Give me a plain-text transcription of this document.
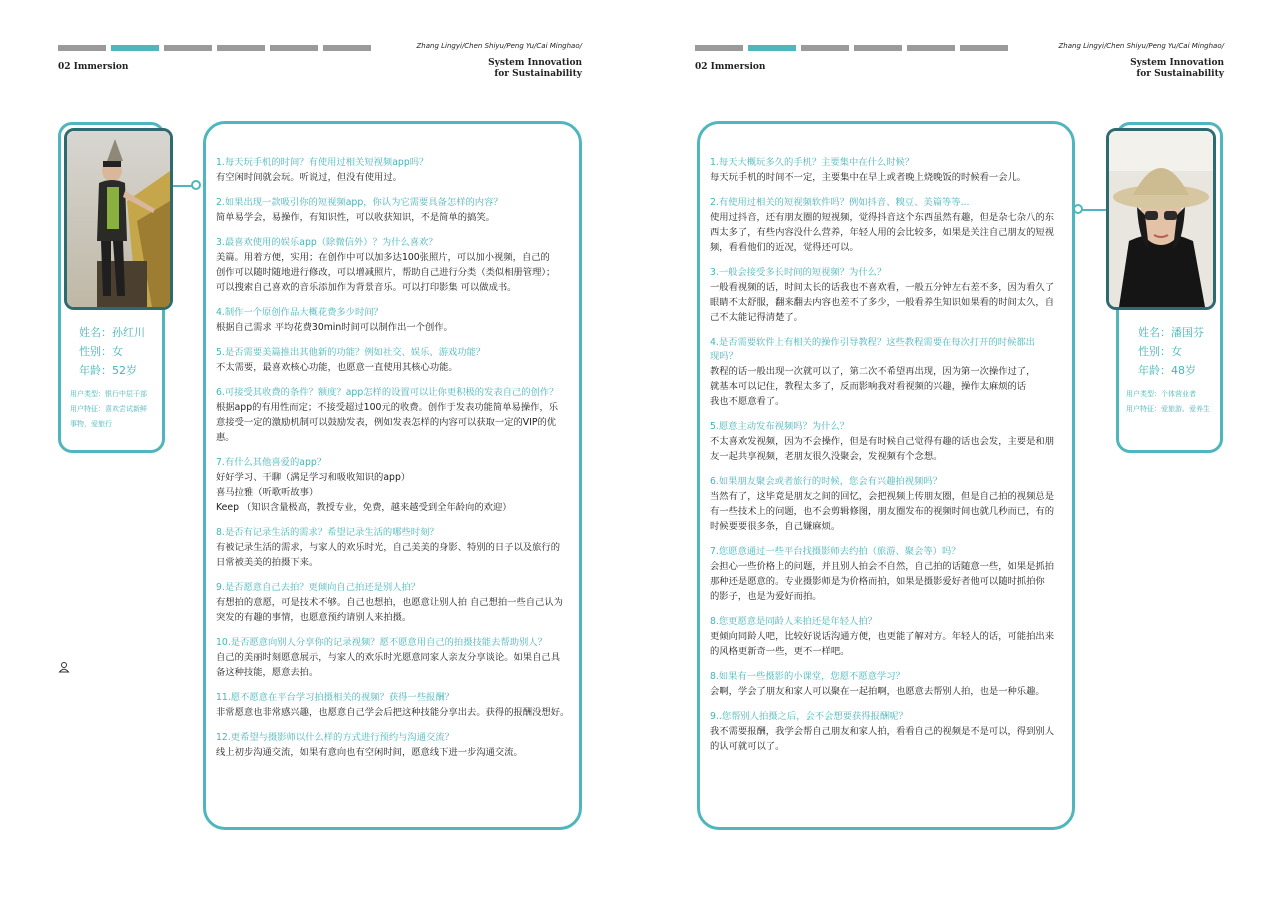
02 Immersion
Zhang Lingyi/Chen Shiyu/Peng Yu/Cai Minghao/
System Innovation
for Sustainability
姓名：孙红川
性别：女
年龄：52岁
用户类型：银行中层干部
用户特征：喜欢尝试新鲜
事物，爱旅行
1.每天玩手机的时间？有使用过相关短视频app吗？
有空闲时间就会玩。听说过，但没有使用过。
2.如果出现一款吸引你的短视频app，你认为它需要具备怎样的内容？
简单易学会，易操作，有知识性，可以收获知识，不是简单的搞笑。
3.最喜欢使用的娱乐app（除微信外）？为什么喜欢？
美篇。用着方便，实用；在创作中可以加多达100张照片，可以加小视频，自己的
创作可以随时随地进行修改，可以增减照片，帮助自己进行分类（类似相册管理）；
可以搜索自己喜欢的音乐添加作为背景音乐。可以打印影集 可以做成书。
4.制作一个原创作品大概花费多少时间？
根据自己需求 平均花费30min时间可以制作出一个创作。
5.是否需要美篇推出其他新的功能？例如社交、娱乐、游戏功能？
不太需要，最喜欢核心功能，也愿意一直使用其核心功能。
6.可接受其收费的条件？额度？app怎样的设置可以让你更积极的发表自己的创作？
根据app的有用性而定；不接受超过100元的收费。创作于发表功能简单易操作，乐
意接受一定的激励机制可以鼓励发表，例如发表怎样的内容可以获取一定的VIP的优
惠。
7.有什么其他喜爱的app？
好好学习、干聊（满足学习和吸收知识的app）
喜马拉雅（听歌听故事）
Keep （知识含量极高，教授专业，免费，越来越受到全年龄向的欢迎）
8.是否有记录生活的需求？希望记录生活的哪些时刻？
有被记录生活的需求，与家人的欢乐时光，自己美美的身影、特别的日子以及旅行的
日常被美美的拍摄下来。
9.是否愿意自己去拍？更倾向自己拍还是别人拍？
有想拍的意愿，可是技术不够。自己也想拍，也愿意让别人拍 自己想拍一些自己认为
突发的有趣的事情，也愿意预约请别人来拍摄。
10.是否愿意向别人分享你的记录视频？愿不愿意用自己的拍摄技能去帮助别人？
自己的美丽时刻愿意展示，与家人的欢乐时光愿意同家人亲友分享谈论。如果自己具
备这种技能，愿意去拍。
11.愿不愿意在平台学习拍摄相关的视频？获得一些报酬？
非常愿意也非常感兴趣，也愿意自己学会后把这种技能分享出去。获得的报酬没想好。
12.更希望与摄影师以什么样的方式进行预约与沟通交流？
线上初步沟通交流，如果有意向也有空闲时间，愿意线下进一步沟通交流。
02 Immersion
Zhang Lingyi/Chen Shiyu/Peng Yu/Cai Minghao/
System Innovation
for Sustainability
1.每天大概玩多久的手机？主要集中在什么时候？
每天玩手机的时间不一定，主要集中在早上或者晚上烧晚饭的时候看一会儿。
2.有使用过相关的短视频软件吗？例如抖音、糗豆、美篇等等...
使用过抖音，还有朋友圈的短视频，觉得抖音这个东西虽然有趣，但是杂七杂八的东
西太多了，有些内容没什么营养，年轻人用的会比较多，如果是关注自己朋友的短视
频，看看他们的近况，觉得还可以。
3.一般会接受多长时间的短视频？为什么？
一般看视频的话，时间太长的话我也不喜欢看，一般五分钟左右差不多，因为看久了
眼睛不太舒服，翻来翻去内容也差不了多少，一般看养生知识如果看的时间太久，自
己不太能记得清楚了。
4.是否需要软件上有相关的操作引导教程？这些教程需要在每次打开的时候都出
现吗？
教程的话一般出现一次就可以了，第二次不希望再出现，因为第一次操作过了，
就基本可以记住，教程太多了，反而影响我对看视频的兴趣，操作太麻烦的话
我也不愿意看了。
5.愿意主动发布视频吗？为什么？
不太喜欢发视频，因为不会操作，但是有时候自己觉得有趣的话也会发，主要是和朋
友一起共享视频，老朋友很久没聚会，发视频有个念想。
6.如果朋友聚会或者旅行的时候，您会有兴趣拍视频吗？
当然有了，这毕竟是朋友之间的回忆，会把视频上传朋友圈，但是自己拍的视频总是
有一些技术上的问题，也不会剪辑修图，朋友圈发布的视频时间也就几秒而已，有的
时候要要很多条，自己嫌麻烦。
7.您愿意通过一些平台找摄影师去约拍（旅游、聚会等）吗？
会担心一些价格上的问题，并且别人拍会不自然，自己拍的话随意一些，如果是抓拍
那种还是愿意的。专业摄影师是为价格而拍，如果是摄影爱好者他可以随时抓拍你
的影子，也是为爱好而拍。
8.您更愿意是同龄人来拍还是年轻人拍？
更倾向同龄人吧，比较好说话沟通方便，也更能了解对方。年轻人的话，可能拍出来
的风格更新奇一些，更不一样吧。
8.如果有一些摄影的小课堂，您愿不愿意学习？
会啊，学会了朋友和家人可以聚在一起拍啊，也愿意去帮别人拍，也是一种乐趣。
9..您帮别人拍摄之后，会不会想要获得报酬呢？
我不需要报酬，我学会帮自己朋友和家人拍，看看自己的视频是不是可以，得到别人
的认可就可以了。
姓名：潘国芬
性别：女
年龄：48岁
用户类型：个体营业者
用户特征：爱旅游、爱养生
